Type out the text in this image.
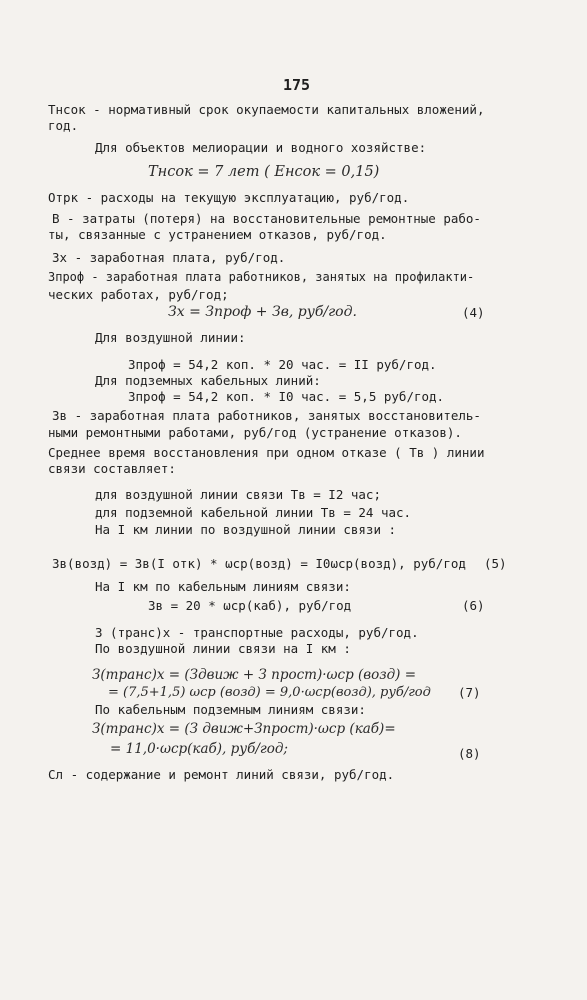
175
Tнсок - нормативный срок окупаемости капитальных вложений,
год.
Для объектов мелиорации и водного хозяйстве:
Tнсок = 7 лет ( Eнсок = 0,15)
Oтрк - расходы на текущую эксплуатацию, руб/год.
B - затраты (потеря) на восстановительные ремонтные рабо-
ты, связанные с устранением отказов, руб/год.
Зx - заработная плата, руб/год.
Зпроф - заработная плата работников, занятых на профилакти-
ческих работах, руб/год;
Зx = Зпроф + Зв, руб/год.	(4)
Для воздушной линии:
Зпроф = 54,2 коп. * 20 час. = II руб/год.
Для подземных кабельных линий:
Зпроф = 54,2 коп. * I0 час. = 5,5 руб/год.
Зв - заработная плата работников, занятых восстановитель-
ными ремонтными работами, руб/год (устранение отказов).
Среднее время восстановления при одном отказе ( Tв ) линии
связи составляет:
для воздушной линии связи Tв = I2 час;
для подземной кабельной линии Tв = 24 час.
На I км линии по воздушной линии связи :
Зв(возд) = Зв(I отк) * ωср(возд) = I0ωср(возд), руб/год (5)
На I км по кабельным линиям связи:
Зв = 20 * ωср(каб), руб/год	(6)
З (транс)x - транспортные расходы, руб/год.
По воздушной линии связи на I км :
З(транс)x = (Здвиж + З прост)·ωср (возд) =
= (7,5+1,5) ωср (возд) = 9,0·ωср(возд), руб/год (7)
По кабельным подземным линиям связи:
З(транс)x = (З движ+Зпрост)·ωср (каб)=
= 11,0·ωср(каб), руб/год;	(8)
Cл - содержание и ремонт линий связи, руб/год.
